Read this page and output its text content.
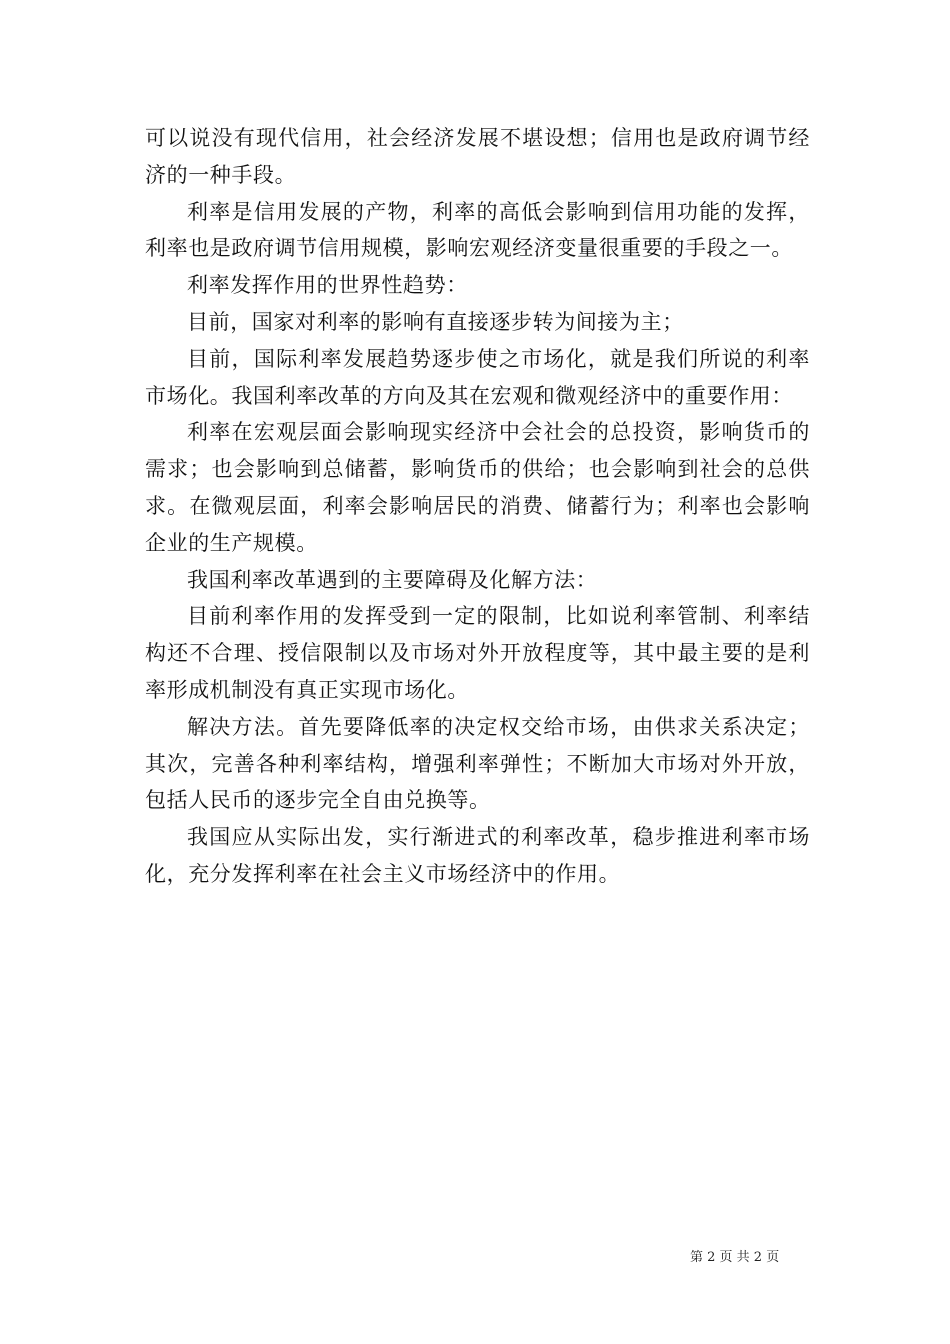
可以说没有现代信用，社会经济发展不堪设想；信用也是政府调节经济的一种手段。

利率是信用发展的产物，利率的高低会影响到信用功能的发挥，利率也是政府调节信用规模，影响宏观经济变量很重要的手段之一。

利率发挥作用的世界性趋势：

目前，国家对利率的影响有直接逐步转为间接为主；

目前，国际利率发展趋势逐步使之市场化，就是我们所说的利率市场化。我国利率改革的方向及其在宏观和微观经济中的重要作用：

利率在宏观层面会影响现实经济中会社会的总投资，影响货币的需求；也会影响到总储蓄，影响货币的供给；也会影响到社会的总供求。在微观层面，利率会影响居民的消费、储蓄行为；利率也会影响企业的生产规模。

我国利率改革遇到的主要障碍及化解方法：

目前利率作用的发挥受到一定的限制，比如说利率管制、利率结构还不合理、授信限制以及市场对外开放程度等，其中最主要的是利率形成机制没有真正实现市场化。

解决方法。首先要降低率的决定权交给市场，由供求关系决定；其次，完善各种利率结构，增强利率弹性；不断加大市场对外开放，包括人民币的逐步完全自由兑换等。

我国应从实际出发，实行渐进式的利率改革，稳步推进利率市场化，充分发挥利率在社会主义市场经济中的作用。

第 2 页 共 2 页
